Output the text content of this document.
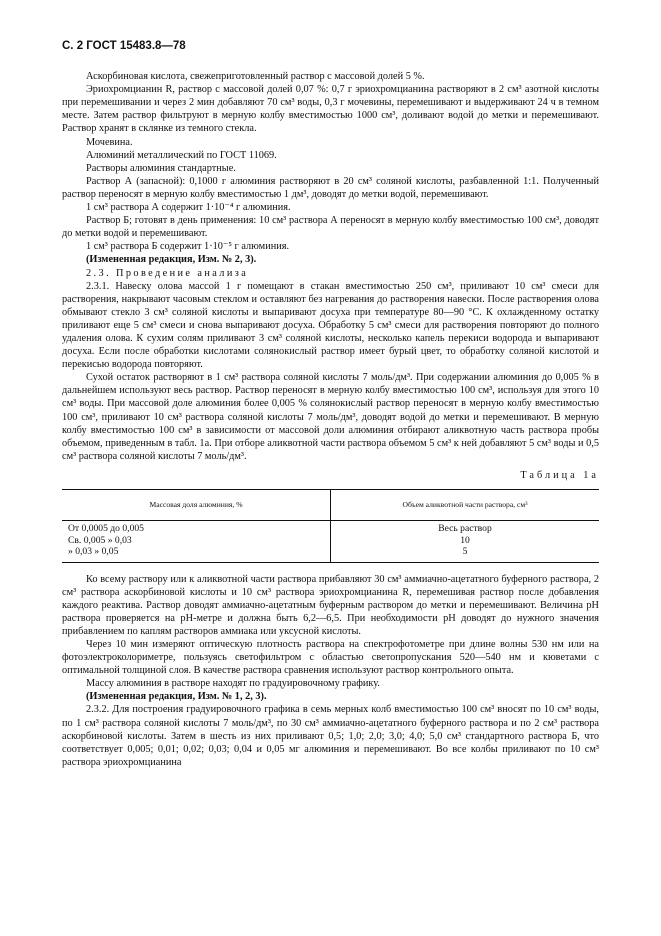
С. 2 ГОСТ 15483.8—78

Аскорбиновая кислота, свежеприготовленный раствор с массовой долей 5 %.

Эриохромцианин R, раствор с массовой долей 0,07 %: 0,7 г эриохромцианина растворяют в 2 см³ азотной кислоты при перемешивании и через 2 мин добавляют 70 см³ воды, 0,3 г мочевины, перемешивают и выдерживают 24 ч в темном месте. Затем раствор фильтруют в мерную колбу вместимостью 1000 см³, доливают водой до метки и перемешивают. Раствор хранят в склянке из темного стекла.

Мочевина.

Алюминий металлический по ГОСТ 11069.

Растворы алюминия стандартные.

Раствор А (запасной): 0,1000 г алюминия растворяют в 20 см³ соляной кислоты, разбавленной 1:1. Полученный раствор переносят в мерную колбу вместимостью 1 дм³, доводят до метки водой, перемешивают.

1 см³ раствора А содержит 1·10⁻⁴ г алюминия.

Раствор Б; готовят в день применения: 10 см³ раствора А переносят в мерную колбу вместимостью 100 см³, доводят до метки водой и перемешивают.

1 см³ раствора Б содержит 1·10⁻⁵ г алюминия.

(Измененная редакция, Изм. № 2, 3).

2.3. Проведение анализа

2.3.1. Навеску олова массой 1 г помещают в стакан вместимостью 250 см³, приливают 10 см³ смеси для растворения, накрывают часовым стеклом и оставляют без нагревания до растворения навески. После растворения олова обмывают стекло 3 см³ соляной кислоты и выпаривают досуха при температуре 80—90 °С. К охлажденному остатку приливают еще 5 см³ смеси и снова выпаривают досуха. Обработку 5 см³ смеси для растворения повторяют до полного удаления олова. К сухим солям приливают 3 см³ соляной кислоты, несколько капель перекиси водорода и выпаривают досуха. Если после обработки кислотами солянокислый раствор имеет бурый цвет, то обработку соляной кислотой и перекисью водорода повторяют.

Сухой остаток растворяют в 1 см³ раствора соляной кислоты 7 моль/дм³. При содержании алюминия до 0,005 % в дальнейшем используют весь раствор. Раствор переносят в мерную колбу вместимостью 100 см³, используя для этого 10 см³ воды. При массовой доле алюминия более 0,005 % солянокислый раствор переносят в мерную колбу вместимостью 100 см³, приливают 10 см³ раствора соляной кислоты 7 моль/дм³, доводят водой до метки и перемешивают. В мерную колбу вместимостью 100 см³ в зависимости от массовой доли алюминия отбирают аликвотную часть раствора пробы объемом, приведенным в табл. 1а. При отборе аликвотной части раствора объемом 5 см³ к ней добавляют 5 см³ воды и 0,5 см³ раствора соляной кислоты 7 моль/дм³.

Таблица 1а

Массовая доля алюминия, %	Объем аликвотной части раствора, см³
От 0,0005 до 0,005	Весь раствор
Св. 0,005 » 0,03	10
» 0,03 » 0,05	5

Ко всему раствору или к аликвотной части раствора прибавляют 30 см³ аммиачно-ацетатного буферного раствора, 2 см³ раствора аскорбиновой кислоты и 10 см³ раствора эриохромцианина R, перемешивая раствор после добавления каждого реактива. Раствор доводят аммиачно-ацетатным буферным раствором до метки и перемешивают. Величина pH раствора проверяется на pH-метре и должна быть 6,2—6,5. При необходимости pH доводят до нужного значения прибавлением по каплям растворов аммиака или уксусной кислоты.

Через 10 мин измеряют оптическую плотность раствора на спектрофотометре при длине волны 530 нм или на фотоэлектроколориметре, пользуясь светофильтром с областью светопропускания 520—540 нм и кюветами с оптимальной толщиной слоя. В качестве раствора сравнения используют раствор контрольного опыта.

Массу алюминия в растворе находят по градуировочному графику.

(Измененная редакция, Изм. № 1, 2, 3).

2.3.2. Для построения градуировочного графика в семь мерных колб вместимостью 100 см³ вносят по 10 см³ воды, по 1 см³ раствора соляной кислоты 7 моль/дм³, по 30 см³ аммиачно-ацетатного буферного раствора и по 2 см³ раствора аскорбиновой кислоты. Затем в шесть из них приливают 0,5; 1,0; 2,0; 3,0; 4,0; 5,0 см³ стандартного раствора Б, что соответствует 0,005; 0,01; 0,02; 0,03; 0,04 и 0,05 мг алюминия и перемешивают. Во все колбы приливают по 10 см³ раствора эриохромцианина
